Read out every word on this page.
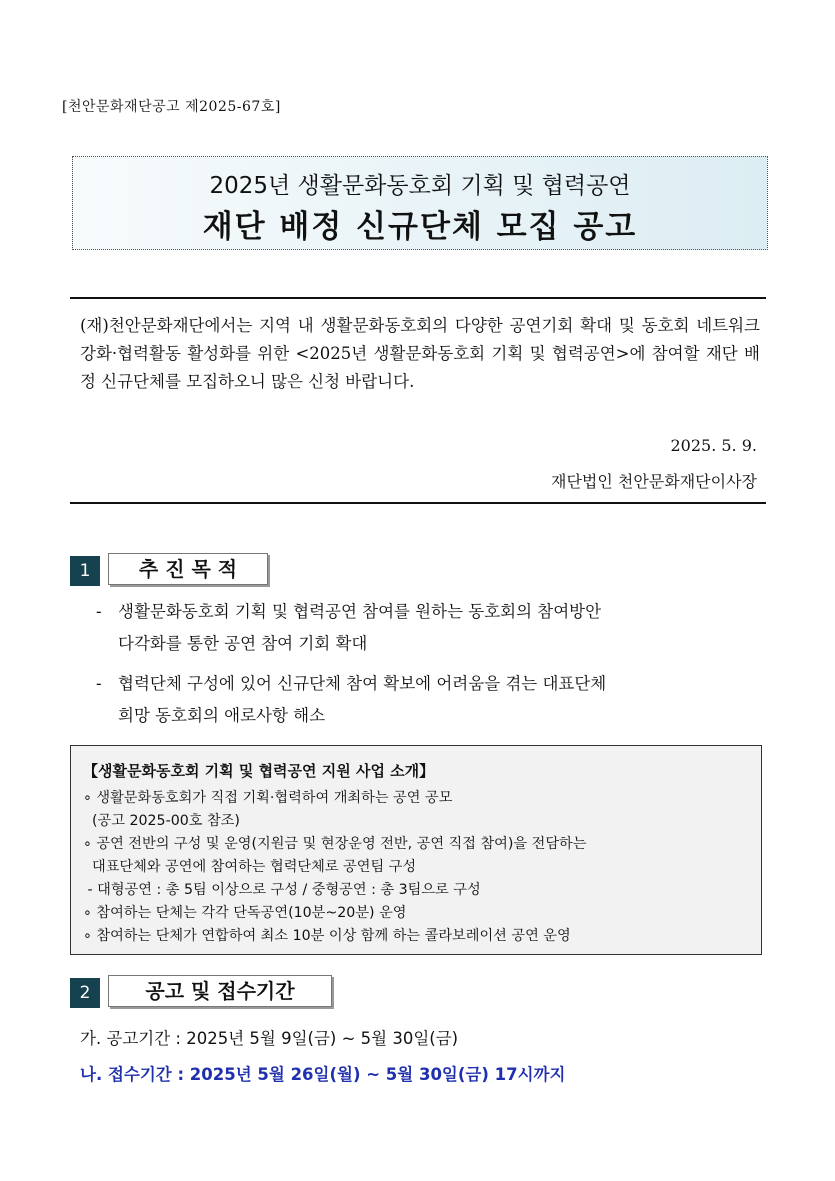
[천안문화재단공고 제2025-67호]
2025년 생활문화동호회 기획 및 협력공연
재단 배정 신규단체 모집 공고

(재)천안문화재단에서는 지역 내 생활문화동호회의 다양한 공연기회 확대 및 동호회 네트워크 강화·협력활동 활성화를 위한 <2025년 생활문화동호회 기획 및 협력공연>에 참여할 재단 배정 신규단체를 모집하오니 많은 신청 바랍니다.

2025. 5. 9.
재단법인 천안문화재단이사장
1	추 진 목 적
- 생활문화동호회 기획 및 협력공연 참여를 원하는 동호회의 참여방안
다각화를 통한 공연 참여 기회 확대
- 협력단체 구성에 있어 신규단체 참여 확보에 어려움을 겪는 대표단체
희망 동호회의 애로사항 해소
【생활문화동호회 기획 및 협력공연 지원 사업 소개】
∘ 생활문화동호회가 직접 기획·협력하여 개최하는 공연 공모
(공고 2025-00호 참조)
∘ 공연 전반의 구성 및 운영(지원금 및 현장운영 전반, 공연 직접 참여)을 전담하는
대표단체와 공연에 참여하는 협력단체로 공연팀 구성
- 대형공연 : 총 5팀 이상으로 구성 / 중형공연 : 총 3팀으로 구성
∘ 참여하는 단체는 각각 단독공연(10분~20분) 운영
∘ 참여하는 단체가 연합하여 최소 10분 이상 함께 하는 콜라보레이션 공연 운영
2	공고 및 접수기간
가. 공고기간 : 2025년 5월 9일(금) ~ 5월 30일(금)
나. 접수기간 : 2025년 5월 26일(월) ~ 5월 30일(금) 17시까지
